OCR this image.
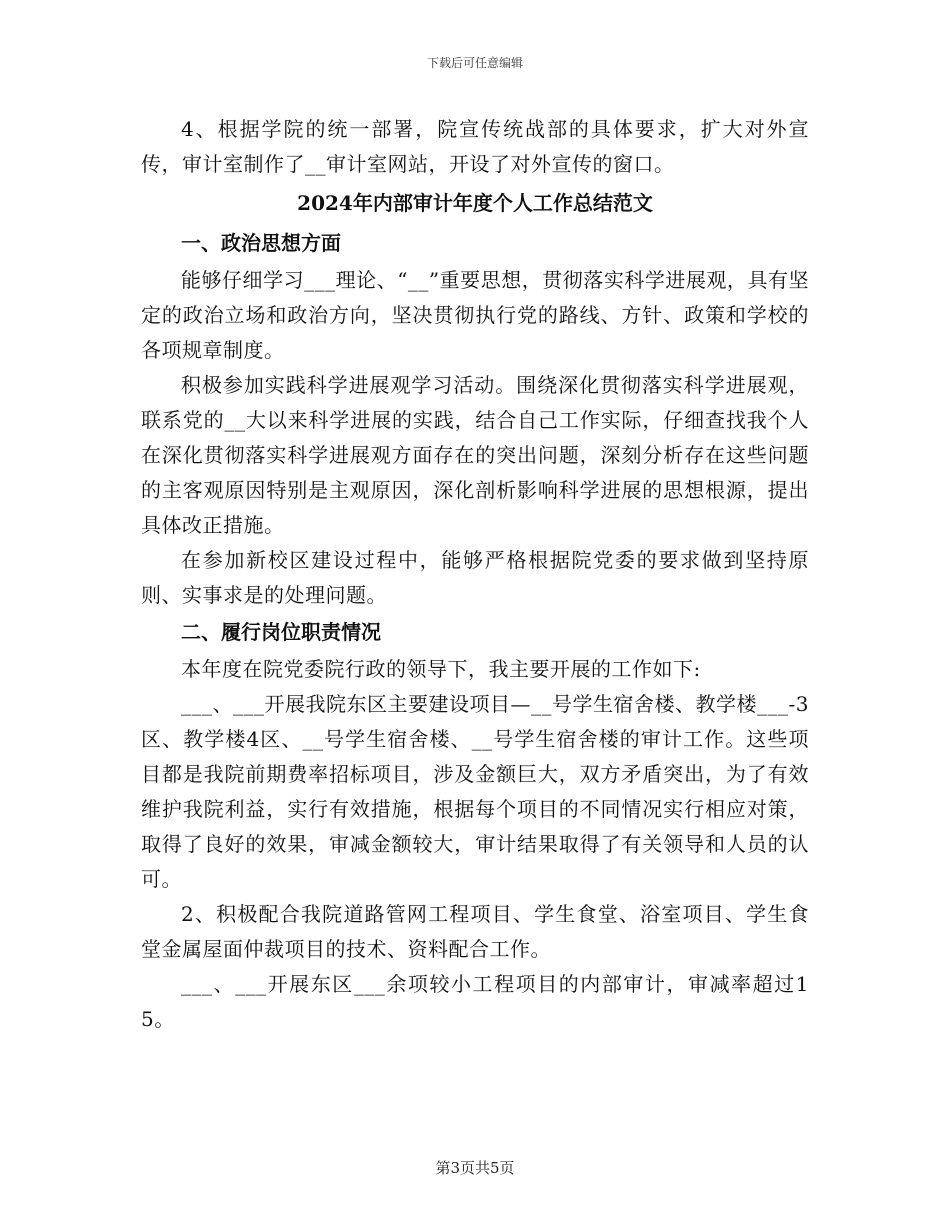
下载后可任意编辑

4、根据学院的统一部署，院宣传统战部的具体要求，扩大对外宣传，审计室制作了__审计室网站，开设了对外宣传的窗口。

2024年内部审计年度个人工作总结范文
一、政治思想方面

能够仔细学习___理论、“__”重要思想，贯彻落实科学进展观，具有坚定的政治立场和政治方向，坚决贯彻执行党的路线、方针、政策和学校的各项规章制度。

积极参加实践科学进展观学习活动。围绕深化贯彻落实科学进展观，联系党的__大以来科学进展的实践，结合自己工作实际，仔细查找我个人在深化贯彻落实科学进展观方面存在的突出问题，深刻分析存在这些问题的主客观原因特别是主观原因，深化剖析影响科学进展的思想根源，提出具体改正措施。

在参加新校区建设过程中，能够严格根据院党委的要求做到坚持原则、实事求是的处理问题。

二、履行岗位职责情况

本年度在院党委院行政的领导下，我主要开展的工作如下:

___、___开展我院东区主要建设项目—__号学生宿舍楼、教学楼___-3区、教学楼4区、__号学生宿舍楼、__号学生宿舍楼的审计工作。这些项目都是我院前期费率招标项目，涉及金额巨大，双方矛盾突出，为了有效维护我院利益，实行有效措施，根据每个项目的不同情况实行相应对策，取得了良好的效果，审减金额较大，审计结果取得了有关领导和人员的认可。

2、积极配合我院道路管网工程项目、学生食堂、浴室项目、学生食堂金属屋面仲裁项目的技术、资料配合工作。

___、___开展东区___余项较小工程项目的内部审计，审减率超过15。

第3页共5页
